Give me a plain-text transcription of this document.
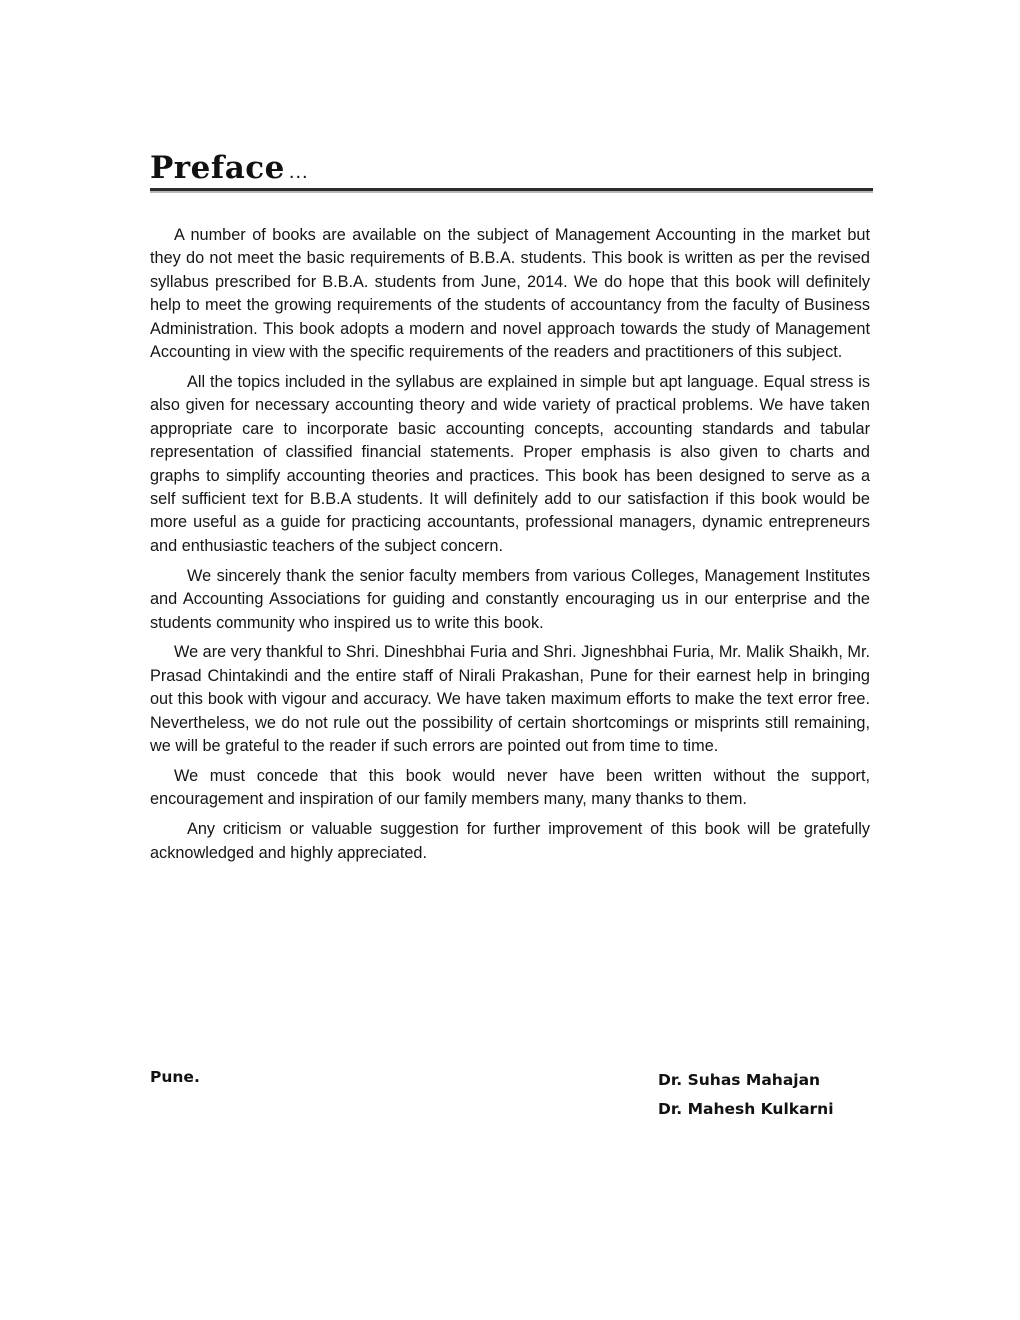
Preface ...

A number of books are available on the subject of Management Accounting in the market but they do not meet the basic requirements of B.B.A. students. This book is written as per the revised syllabus prescribed for B.B.A. students from June, 2014. We do hope that this book will definitely help to meet the growing requirements of the students of accountancy from the faculty of Business Administration. This book adopts a modern and novel approach towards the study of Management Accounting in view with the specific requirements of the readers and practitioners of this subject.

All the topics included in the syllabus are explained in simple but apt language. Equal stress is also given for necessary accounting theory and wide variety of practical problems. We have taken appropriate care to incorporate basic accounting concepts, accounting standards and tabular representation of classified financial statements. Proper emphasis is also given to charts and graphs to simplify accounting theories and practices. This book has been designed to serve as a self sufficient text for B.B.A students. It will definitely add to our satisfaction if this book would be more useful as a guide for practicing accountants, professional managers, dynamic entrepreneurs and enthusiastic teachers of the subject concern.

We sincerely thank the senior faculty members from various Colleges, Management Institutes and Accounting Associations for guiding and constantly encouraging us in our enterprise and the students community who inspired us to write this book.

We are very thankful to Shri. Dineshbhai Furia and Shri. Jigneshbhai Furia, Mr. Malik Shaikh, Mr. Prasad Chintakindi and the entire staff of Nirali Prakashan, Pune for their earnest help in bringing out this book with vigour and accuracy. We have taken maximum efforts to make the text error free. Nevertheless, we do not rule out the possibility of certain shortcomings or misprints still remaining, we will be grateful to the reader if such errors are pointed out from time to time.

We must concede that this book would never have been written without the support, encouragement and inspiration of our family members many, many thanks to them.

Any criticism or valuable suggestion for further improvement of this book will be gratefully acknowledged and highly appreciated.

Pune.	Dr. Suhas Mahajan
Dr. Mahesh Kulkarni
